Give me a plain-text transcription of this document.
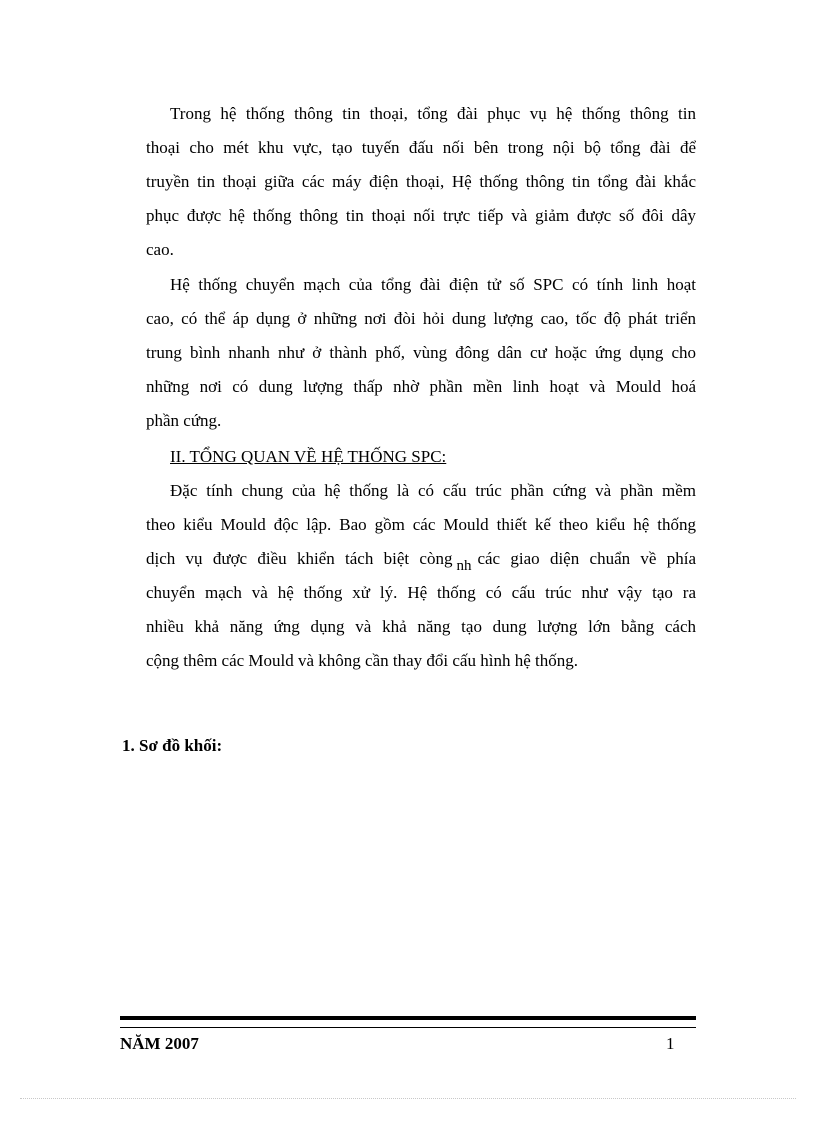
Trong hệ thống thông tin thoại, tổng đài phục vụ hệ thống thông tin
thoại cho mét khu vực, tạo tuyến đấu nối bên trong nội bộ tổng đài để
truyền tin thoại giữa các máy điện thoại, Hệ thống thông tin tổng đài khắc
phục được hệ thống thông tin thoại nối trực tiếp và giảm được số đôi dây
cao.
Hệ thống chuyển mạch của tổng đài điện tử số SPC có tính linh hoạt
cao, có thể áp dụng ở những nơi đòi hỏi dung lượng cao, tốc độ phát triển
trung bình nhanh như ở thành phố, vùng đông dân cư hoặc ứng dụng cho
những nơi có dung lượng thấp nhờ phần mền linh hoạt và Mould hoá
phần cứng.
II. TỔNG QUAN VỀ HỆ THỐNG SPC:
Đặc tính chung của hệ thống là có cấu trúc phần cứng và phần mềm
theo kiểu Mould độc lập. Bao gồm các Mould thiết kế theo kiểu hệ thống
dịch vụ được điều khiển tách biệt còng nh các giao diện chuẩn về phía
chuyển mạch và hệ thống xử lý. Hệ thống có cấu trúc như vậy tạo ra
nhiều khả năng ứng dụng và khả năng tạo dung lượng lớn bằng cách
cộng thêm các Mould và không cần thay đổi cấu hình hệ thống.
1. Sơ đồ khối:
NĂM 2007	1
